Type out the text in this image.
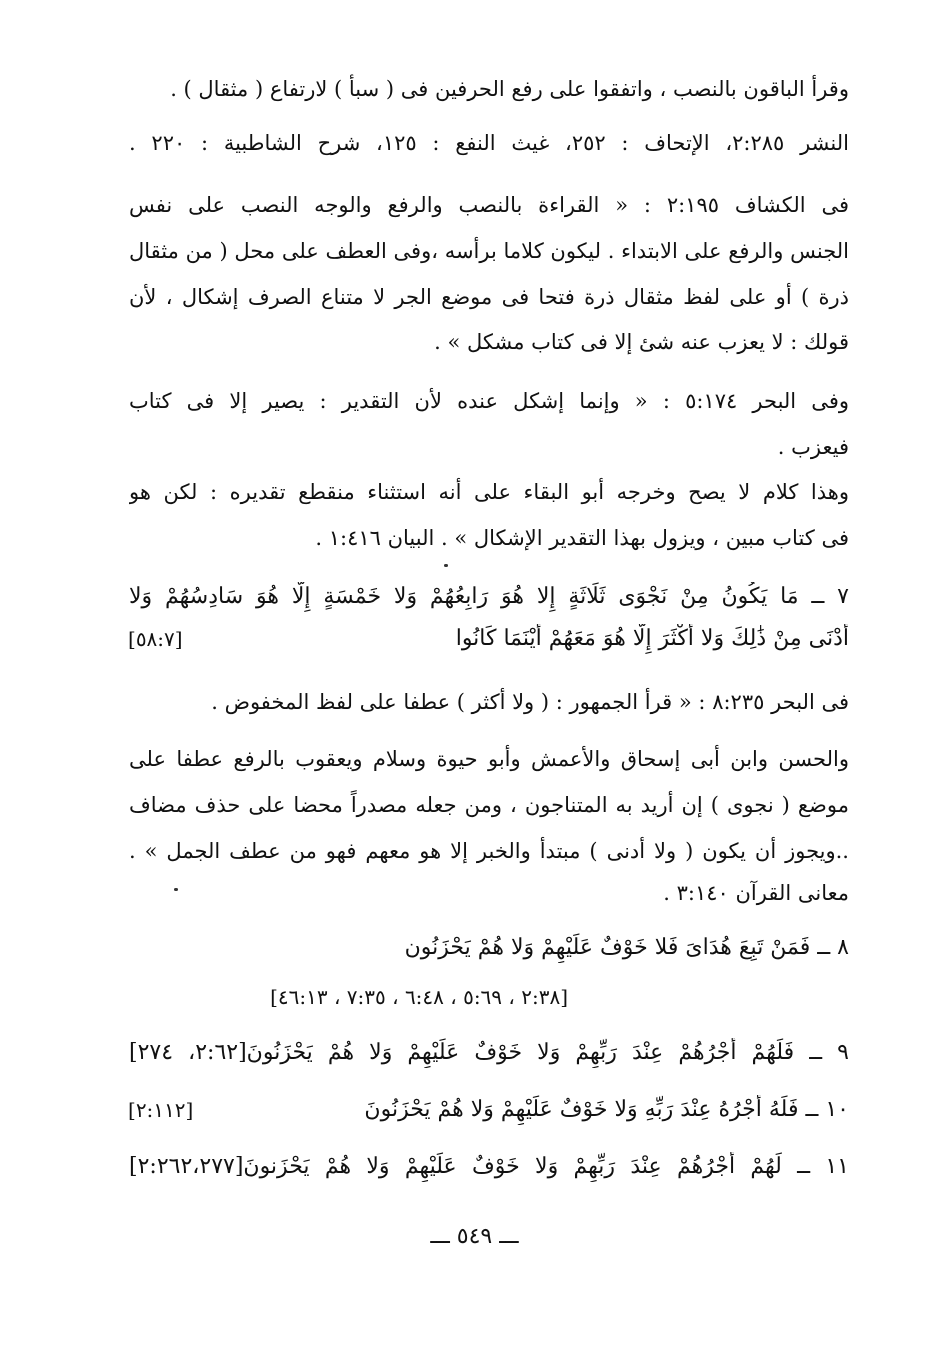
وقرأ الباقون بالنصب ، واتفقوا على رفع الحرفين فى ( سبأ ) لارتفاع ( مثقال ) .
النشر ٢:٢٨٥، الإتحاف : ٢٥٢، غيث النفع : ١٢٥، شرح الشاطبية : ٢٢٠ .
فى الكشاف ٢:١٩٥ : « القراءة بالنصب والرفع والوجه النصب على نفس
الجنس والرفع على الابتداء . ليكون كلاما برأسه ،وفى العطف على محل ( من مثقال
ذرة ) أو على لفظ مثقال ذرة فتحا فى موضع الجر لا متناع الصرف إشكال ، لأن
قولك : لا يعزب عنه شئ إلا فى كتاب مشكل » .
وفى البحر ٥:١٧٤ : « وإنما إشكل عنده لأن التقدير : يصير إلا فى كتاب
فيعزب .
وهذا كلام لا يصح وخرجه أبو البقاء على أنه استثناء منقطع تقديره : لكن هو
فى كتاب مبين ، ويزول بهذا التقدير الإشكال » . البيان ١:٤١٦ .
٧ ــ مَا يَكُونُ مِنْ نَجْوَى ثَلَاثَةٍ إِلا هُوَ رَابِعُهُمْ وَلا خَمْسَةٍ إِلَّا هُوَ سَادِسُهُمْ وَلا
أَدْنَى مِنْ ذَٰلِكَ وَلا أَكْثَرَ إِلَّا هُوَ مَعَهُمْ أَيْنَمَا كَانُوا
[٥٨:٧]
فى البحر ٨:٢٣٥ : « قرأ الجمهور : ( ولا أكثر ) عطفا على لفظ المخفوض .
والحسن وابن أبى إسحاق والأعمش وأبو حيوة وسلام ويعقوب بالرفع عطفا على
موضع ( نجوى ) إن أريد به المتناجون ، ومن جعله مصدراً محضا على حذف مضاف
..ويجوز أن يكون ( ولا أدنى ) مبتدأ والخبر إلا هو معهم فهو من عطف الجمل » .
معانى القرآن ٣:١٤٠ .
٨ ــ فَمَنْ تَبِعَ هُدَاىَ فَلا خَوْفٌ عَلَيْهِمْ وَلا هُمْ يَحْزَنُون
[٢:٣٨ ، ٥:٦٩ ، ٦:٤٨ ، ٧:٣٥ ، ٤٦:١٣]
٩ ــ فَلَهُمْ أَجْرُهُمْ عِنْدَ رَبِّهِمْ وَلا خَوْفٌ عَلَيْهِمْ وَلا هُمْ يَحْزَنُونَ[٢:٦٢، ٢٧٤]
١٠ ــ فَلَهُ أَجْرُهُ عِنْدَ رَبِّهِ وَلا خَوْفٌ عَلَيْهِمْ وَلا هُمْ يَحْزَنُونَ
[٢:١١٢]
١١ ــ لَهُمْ أَجْرُهُمْ عِنْدَ رَبِّهِمْ وَلا خَوْفٌ عَلَيْهِمْ وَلا هُمْ يَحْزَنونَ[٢:٢٦٢،٢٧٧]
ـــ ٥٤٩ ـــ
